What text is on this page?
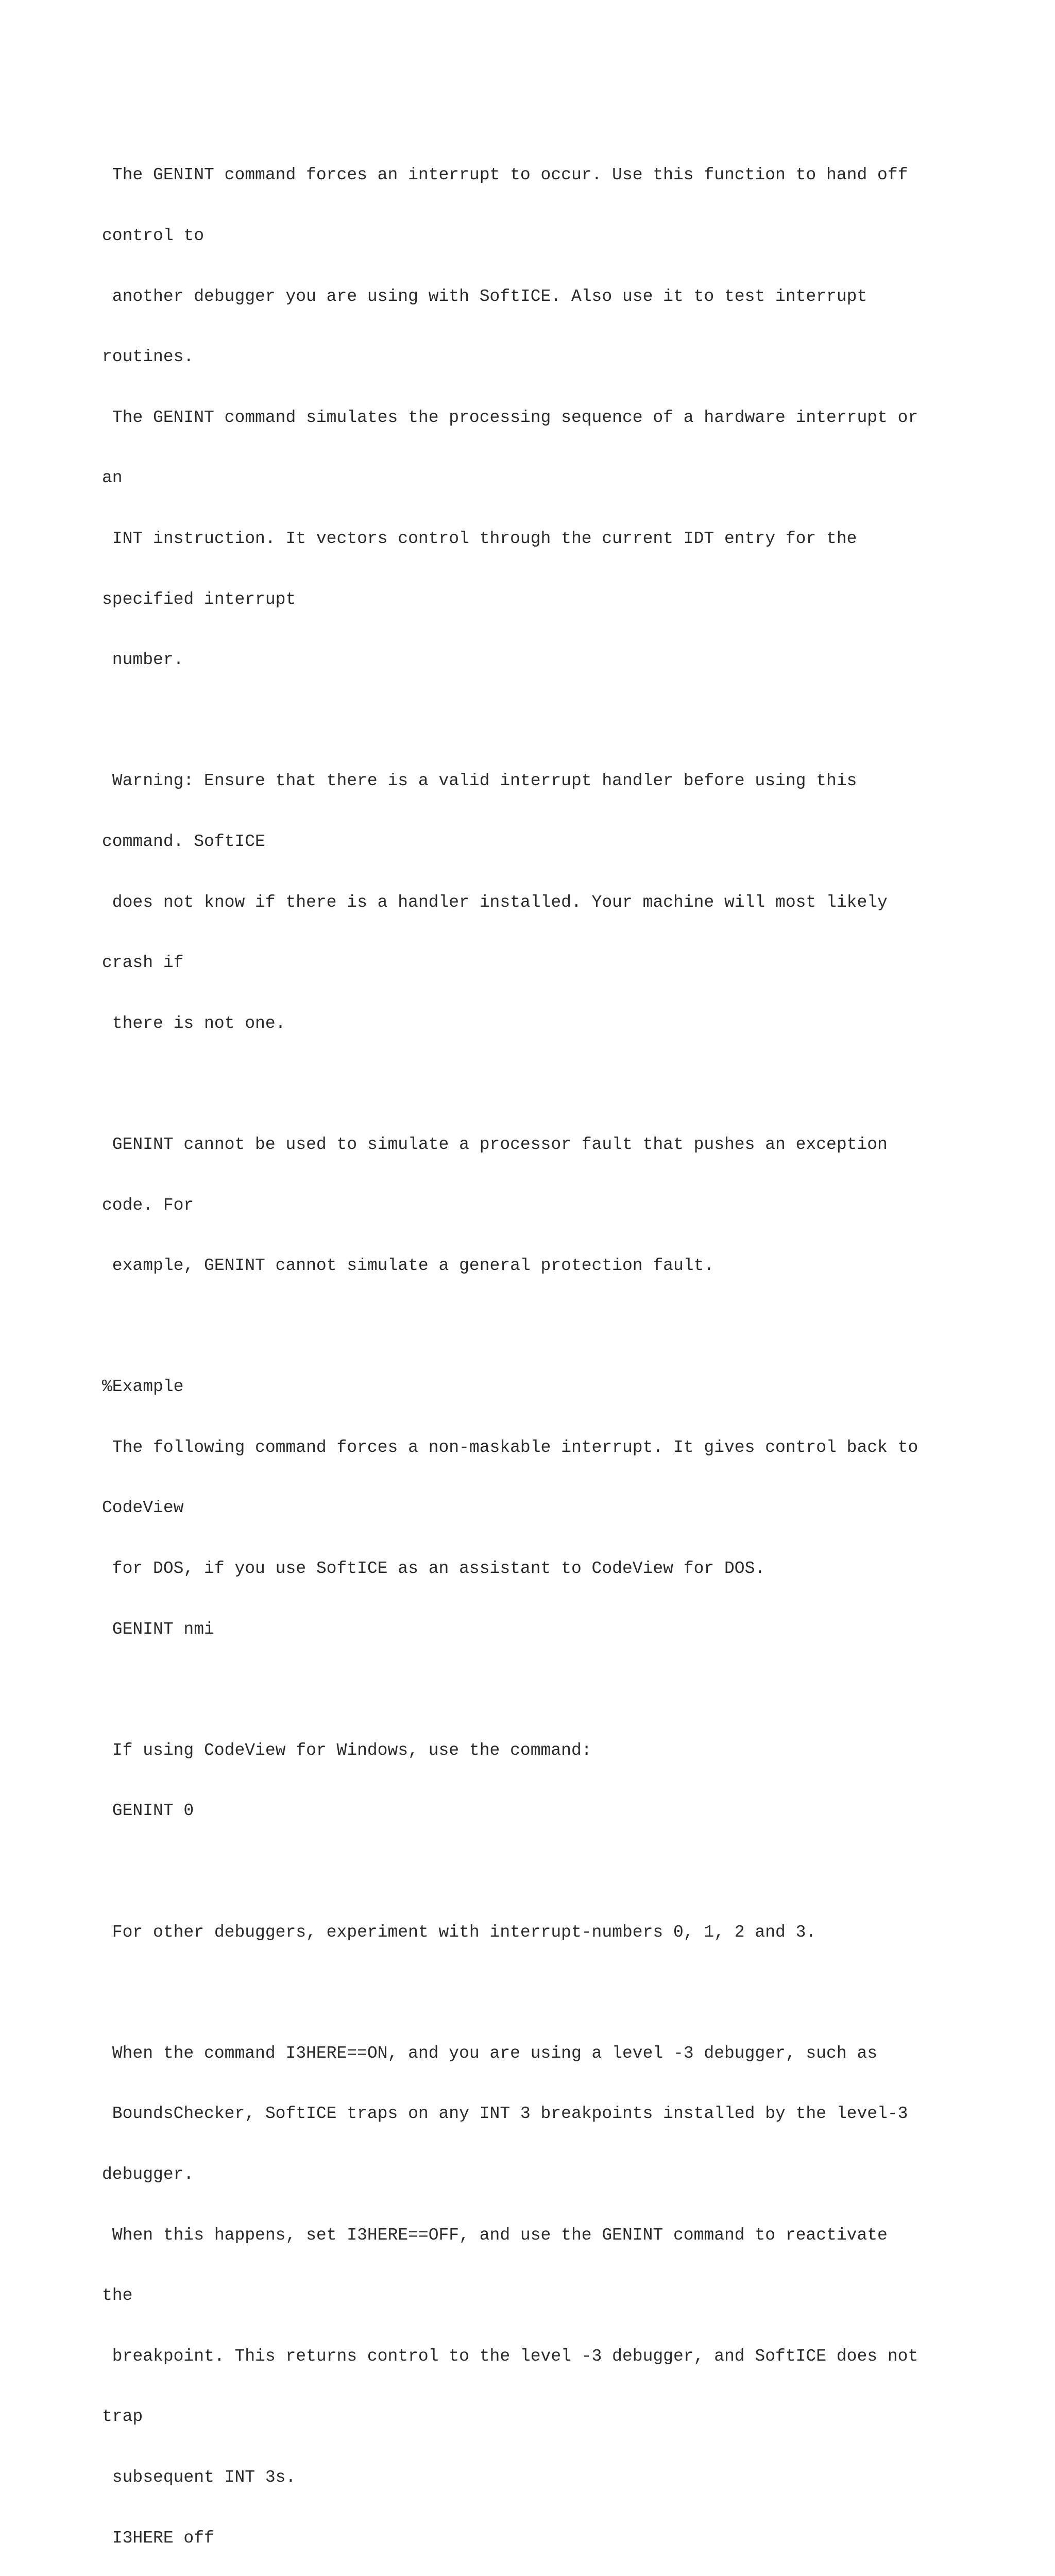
The GENINT command forces an interrupt to occur. Use this function to hand off

control to

another debugger you are using with SoftICE. Also use it to test interrupt

routines.

The GENINT command simulates the processing sequence of a hardware interrupt or

an

INT instruction. It vectors control through the current IDT entry for the

specified interrupt

number.

Warning: Ensure that there is a valid interrupt handler before using this

command. SoftICE

does not know if there is a handler installed. Your machine will most likely

crash if

there is not one.

GENINT cannot be used to simulate a processor fault that pushes an exception

code. For

example, GENINT cannot simulate a general protection fault.

%Example

The following command forces a non-maskable interrupt. It gives control back to

CodeView

for DOS, if you use SoftICE as an assistant to CodeView for DOS.

GENINT nmi

If using CodeView for Windows, use the command:

GENINT 0

For other debuggers, experiment with interrupt-numbers 0, 1, 2 and 3.

When the command I3HERE==ON, and you are using a level -3 debugger, such as

BoundsChecker, SoftICE traps on any INT 3 breakpoints installed by the level-3

debugger.

When this happens, set I3HERE==OFF, and use the GENINT command to reactivate

the

breakpoint. This returns control to the level -3 debugger, and SoftICE does not

trap

subsequent INT 3s.

I3HERE off
